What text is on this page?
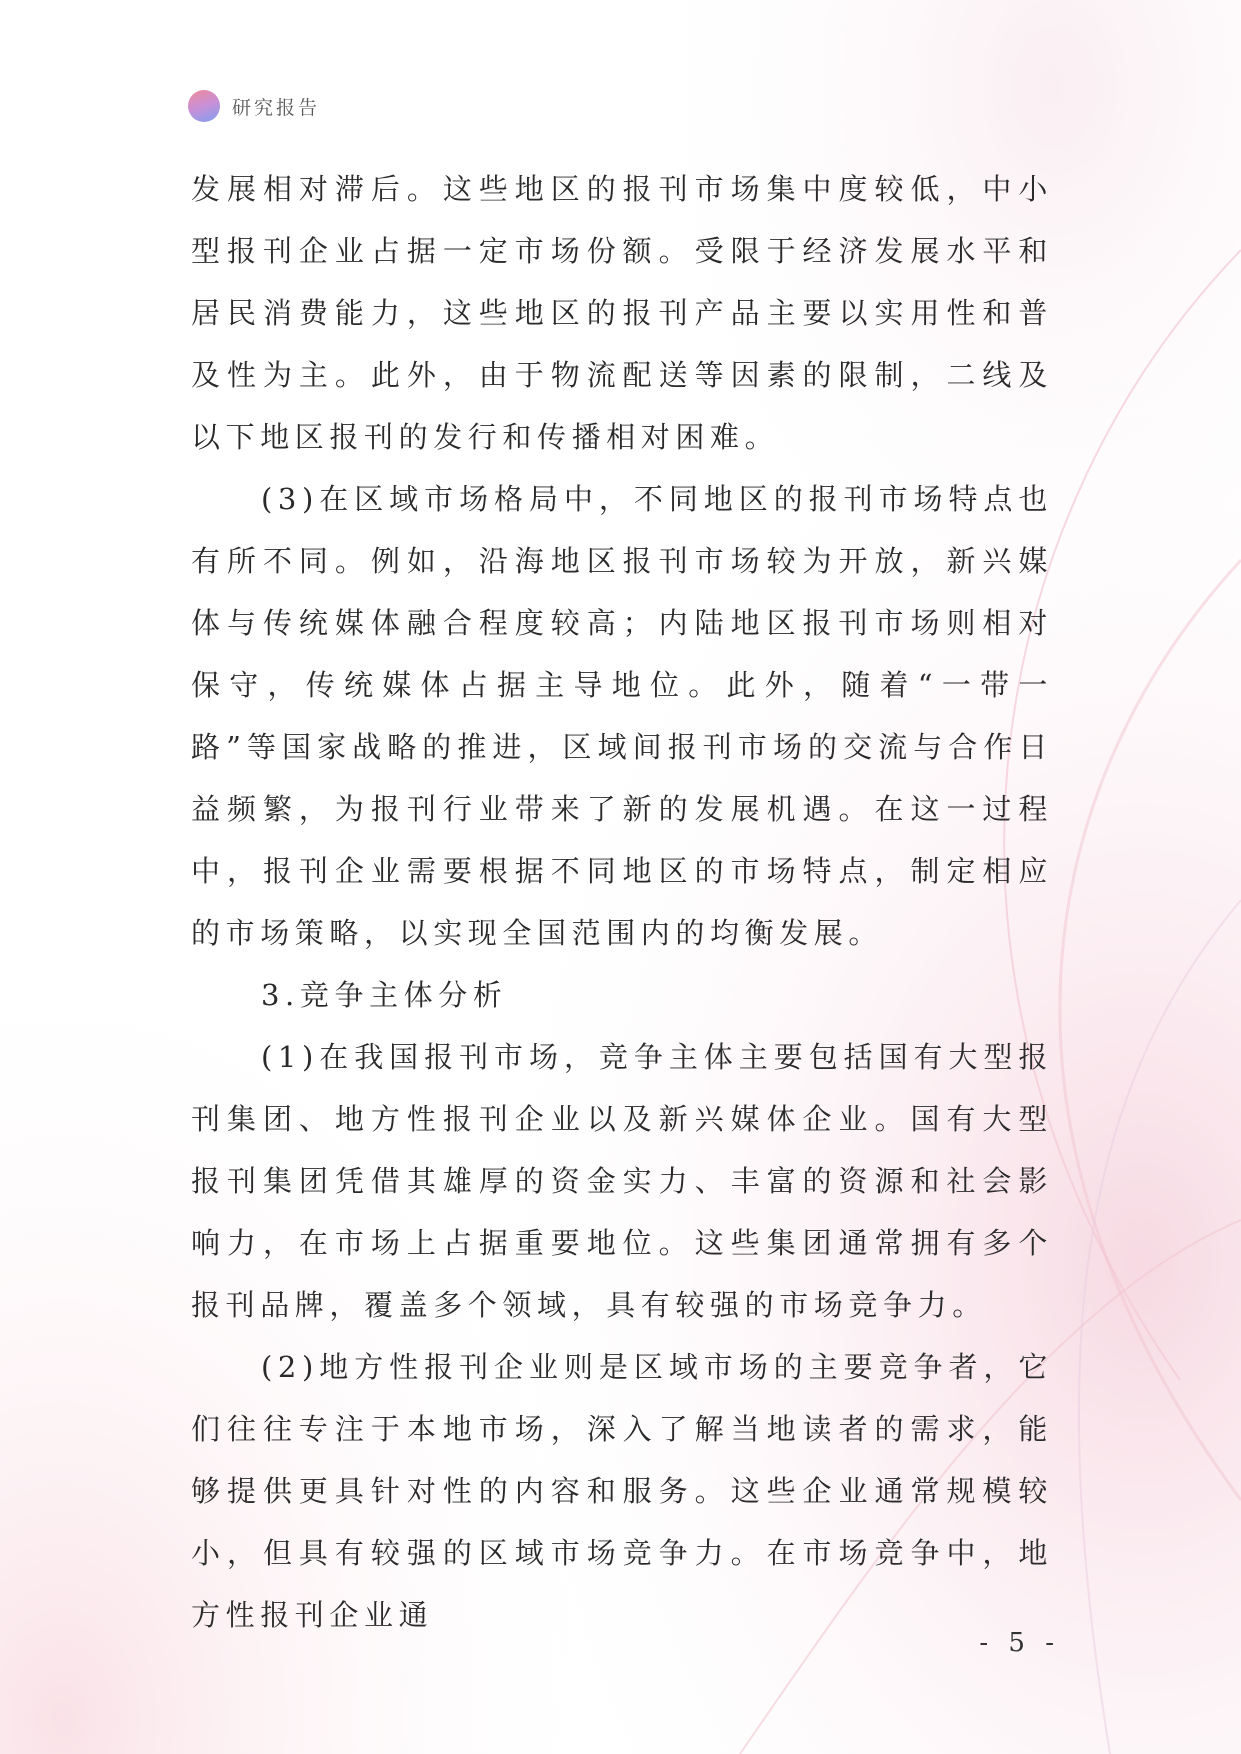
研究报告

发展相对滞后。这些地区的报刊市场集中度较低，中小型报刊企业占据一定市场份额。受限于经济发展水平和居民消费能力，这些地区的报刊产品主要以实用性和普及性为主。此外，由于物流配送等因素的限制，二线及以下地区报刊的发行和传播相对困难。

(3)在区域市场格局中，不同地区的报刊市场特点也有所不同。例如，沿海地区报刊市场较为开放，新兴媒体与传统媒体融合程度较高；内陆地区报刊市场则相对保守，传统媒体占据主导地位。此外，随着“一带一路”等国家战略的推进，区域间报刊市场的交流与合作日益频繁，为报刊行业带来了新的发展机遇。在这一过程中，报刊企业需要根据不同地区的市场特点，制定相应的市场策略，以实现全国范围内的均衡发展。

3.竞争主体分析

(1)在我国报刊市场，竞争主体主要包括国有大型报刊集团、地方性报刊企业以及新兴媒体企业。国有大型报刊集团凭借其雄厚的资金实力、丰富的资源和社会影响力，在市场上占据重要地位。这些集团通常拥有多个报刊品牌，覆盖多个领域，具有较强的市场竞争力。

(2)地方性报刊企业则是区域市场的主要竞争者，它们往往专注于本地市场，深入了解当地读者的需求，能够提供更具针对性的内容和服务。这些企业通常规模较小，但具有较强的区域市场竞争力。在市场竞争中，地方性报刊企业通

- 5 -
